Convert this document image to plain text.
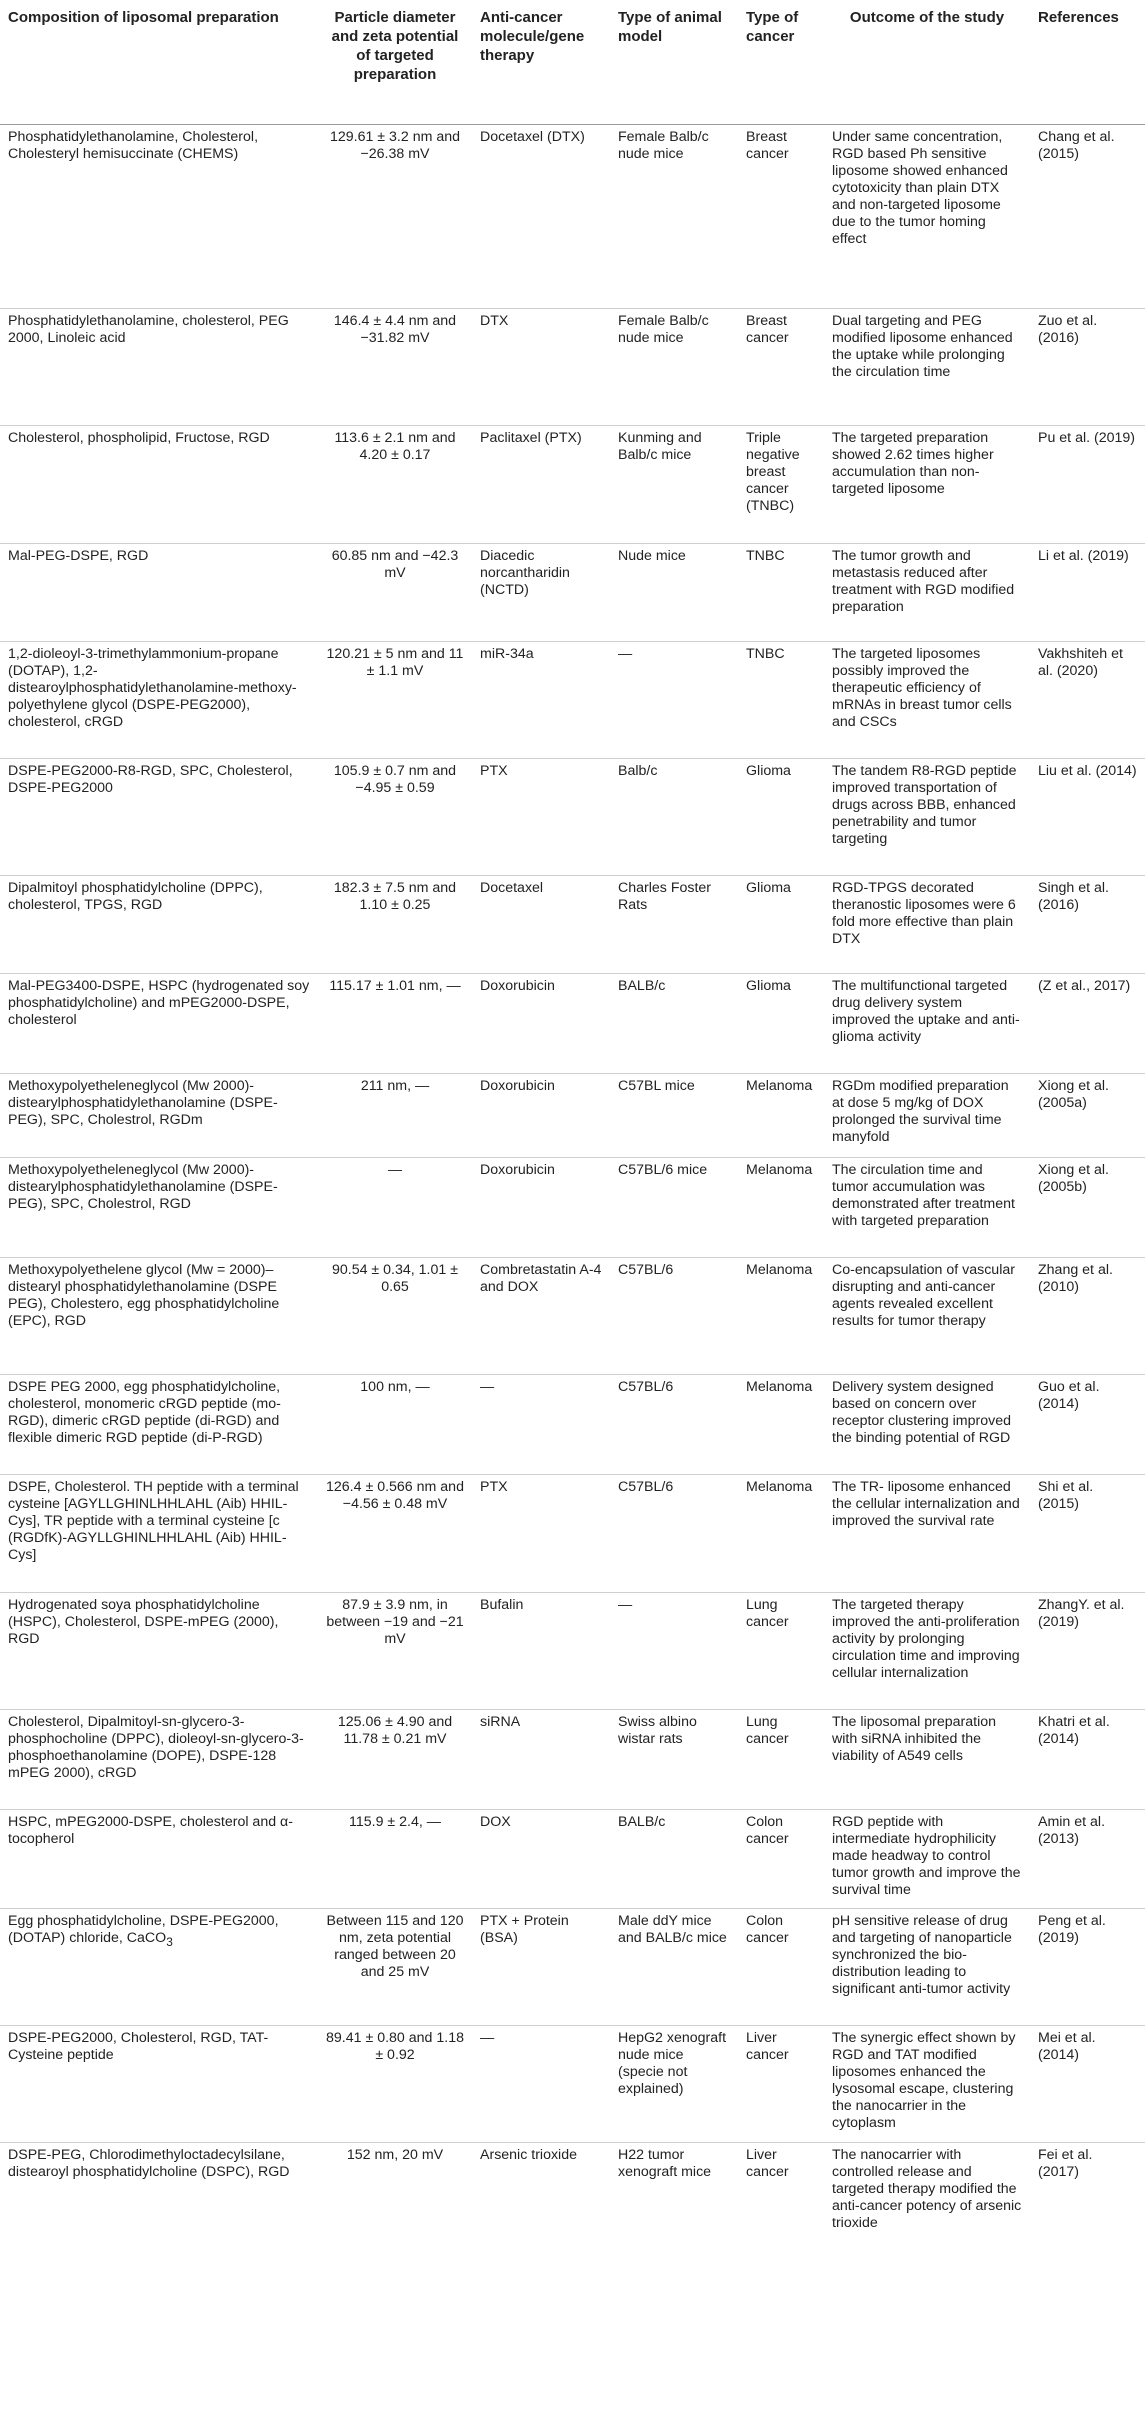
Composition of liposomal preparation	Particle diameter and zeta potential of targeted preparation	Anti-cancer molecule/gene therapy	Type of animal model	Type of cancer	Outcome of the study	References
Phosphatidylethanolamine, Cholesterol, Cholesteryl hemisuccinate (CHEMS)	129.61 ± 3.2 nm and −26.38 mV	Docetaxel (DTX)	Female Balb/c nude mice	Breast cancer	Under same concentration, RGD based Ph sensitive liposome showed enhanced cytotoxicity than plain DTX and non-targeted liposome due to the tumor homing effect	Chang et al. (2015)
Phosphatidylethanolamine, cholesterol, PEG 2000, Linoleic acid	146.4 ± 4.4 nm and −31.82 mV	DTX	Female Balb/c nude mice	Breast cancer	Dual targeting and PEG modified liposome enhanced the uptake while prolonging the circulation time	Zuo et al. (2016)
Cholesterol, phospholipid, Fructose, RGD	113.6 ± 2.1 nm and 4.20 ± 0.17	Paclitaxel (PTX)	Kunming and Balb/c mice	Triple negative breast cancer (TNBC)	The targeted preparation showed 2.62 times higher accumulation than non-targeted liposome	Pu et al. (2019)
Mal-PEG-DSPE, RGD	60.85 nm and −42.3 mV	Diacedic norcantharidin (NCTD)	Nude mice	TNBC	The tumor growth and metastasis reduced after treatment with RGD modified preparation	Li et al. (2019)
1,2-dioleoyl-3-trimethylammonium-propane (DOTAP), 1,2-distearoylphosphatidylethanolamine-methoxy-polyethylene glycol (DSPE-PEG2000), cholesterol, cRGD	120.21 ± 5 nm and 11 ± 1.1 mV	miR-34a	—	TNBC	The targeted liposomes possibly improved the therapeutic efficiency of mRNAs in breast tumor cells and CSCs	Vakhshiteh et al. (2020)
DSPE-PEG2000-R8-RGD, SPC, Cholesterol, DSPE-PEG2000	105.9 ± 0.7 nm and −4.95 ± 0.59	PTX	Balb/c	Glioma	The tandem R8-RGD peptide improved transportation of drugs across BBB, enhanced penetrability and tumor targeting	Liu et al. (2014)
Dipalmitoyl phosphatidylcholine (DPPC), cholesterol, TPGS, RGD	182.3 ± 7.5 nm and 1.10 ± 0.25	Docetaxel	Charles Foster Rats	Glioma	RGD-TPGS decorated theranostic liposomes were 6 fold more effective than plain DTX	Singh et al. (2016)
Mal-PEG3400-DSPE, HSPC (hydrogenated soy phosphatidylcholine) and mPEG2000-DSPE, cholesterol	115.17 ± 1.01 nm, —	Doxorubicin	BALB/c	Glioma	The multifunctional targeted drug delivery system improved the uptake and anti-glioma activity	(Z et al., 2017)
Methoxypolyetheleneglycol (Mw 2000)-distearylphosphatidylethanolamine (DSPE-PEG), SPC, Cholestrol, RGDm	211 nm, —	Doxorubicin	C57BL mice	Melanoma	RGDm modified preparation at dose 5 mg/kg of DOX prolonged the survival time manyfold	Xiong et al. (2005a)
Methoxypolyetheleneglycol (Mw 2000)-distearylphosphatidylethanolamine (DSPE-PEG), SPC, Cholestrol, RGD	—	Doxorubicin	C57BL/6 mice	Melanoma	The circulation time and tumor accumulation was demonstrated after treatment with targeted preparation	Xiong et al. (2005b)
Methoxypolyethelene glycol (Mw = 2000)–distearyl phosphatidylethanolamine (DSPE PEG), Cholestero, egg phosphatidylcholine (EPC), RGD	90.54 ± 0.34, 1.01 ± 0.65	Combretastatin A-4 and DOX	C57BL/6	Melanoma	Co-encapsulation of vascular disrupting and anti-cancer agents revealed excellent results for tumor therapy	Zhang et al. (2010)
DSPE PEG 2000, egg phosphatidylcholine, cholesterol, monomeric cRGD peptide (mo-RGD), dimeric cRGD peptide (di-RGD) and flexible dimeric RGD peptide (di-P-RGD)	100 nm, —	—	C57BL/6	Melanoma	Delivery system designed based on concern over receptor clustering improved the binding potential of RGD	Guo et al. (2014)
DSPE, Cholesterol. TH peptide with a terminal cysteine [AGYLLGHINLHHLAHL (Aib) HHIL-Cys], TR peptide with a terminal cysteine [c (RGDfK)-AGYLLGHINLHHLAHL (Aib) HHIL-Cys]	126.4 ± 0.566 nm and −4.56 ± 0.48 mV	PTX	C57BL/6	Melanoma	The TR- liposome enhanced the cellular internalization and improved the survival rate	Shi et al. (2015)
Hydrogenated soya phosphatidylcholine (HSPC), Cholesterol, DSPE-mPEG (2000), RGD	87.9 ± 3.9 nm, in between −19 and −21 mV	Bufalin	—	Lung cancer	The targeted therapy improved the anti-proliferation activity by prolonging circulation time and improving cellular internalization	ZhangY. et al. (2019)
Cholesterol, Dipalmitoyl-sn-glycero-3-phosphocholine (DPPC), dioleoyl-sn-glycero-3-phosphoethanolamine (DOPE), DSPE-128 mPEG 2000), cRGD	125.06 ± 4.90 and 11.78 ± 0.21 mV	siRNA	Swiss albino wistar rats	Lung cancer	The liposomal preparation with siRNA inhibited the viability of A549 cells	Khatri et al. (2014)
HSPC, mPEG2000-DSPE, cholesterol and α-tocopherol	115.9 ± 2.4, —	DOX	BALB/c	Colon cancer	RGD peptide with intermediate hydrophilicity made headway to control tumor growth and improve the survival time	Amin et al. (2013)
Egg phosphatidylcholine, DSPE-PEG2000, (DOTAP) chloride, CaCO$_3$	Between 115 and 120 nm, zeta potential ranged between 20 and 25 mV	PTX + Protein (BSA)	Male ddY mice and BALB/c mice	Colon cancer	pH sensitive release of drug and targeting of nanoparticle synchronized the bio-distribution leading to significant anti-tumor activity	Peng et al. (2019)
DSPE-PEG2000, Cholesterol, RGD, TAT-Cysteine peptide	89.41 ± 0.80 and 1.18 ± 0.92	—	HepG2 xenograft nude mice (specie not explained)	Liver cancer	The synergic effect shown by RGD and TAT modified liposomes enhanced the lysosomal escape, clustering the nanocarrier in the cytoplasm	Mei et al. (2014)
DSPE-PEG, Chlorodimethyloctadecylsilane, distearoyl phosphatidylcholine (DSPC), RGD	152 nm, 20 mV	Arsenic trioxide	H22 tumor xenograft mice	Liver cancer	The nanocarrier with controlled release and targeted therapy modified the anti-cancer potency of arsenic trioxide	Fei et al. (2017)
